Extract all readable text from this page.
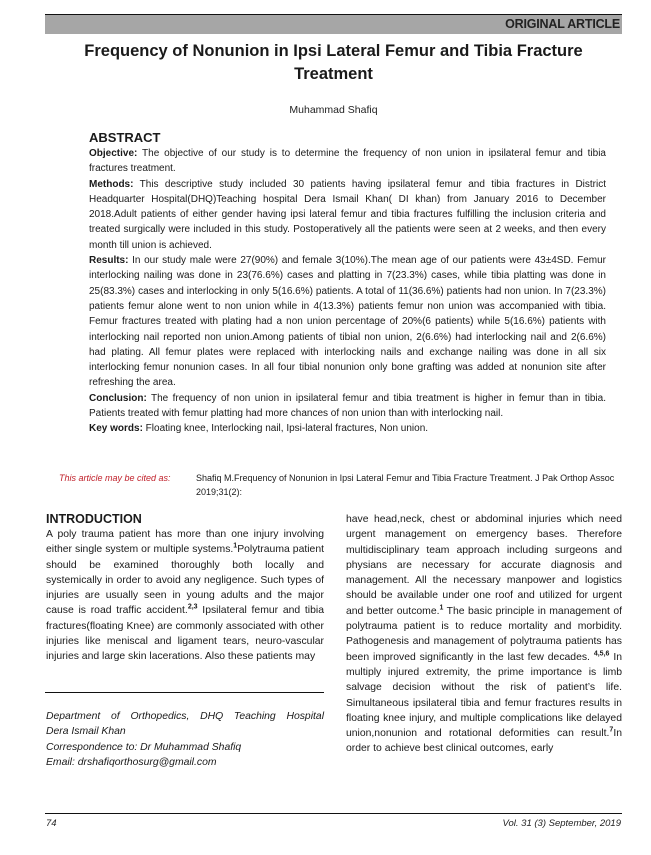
ORIGINAL ARTICLE
Frequency of Nonunion in Ipsi Lateral Femur and Tibia Fracture Treatment
Muhammad Shafiq
ABSTRACT

Objective: The objective of our study is to determine the frequency of non union in ipsilateral femur and tibia fractures treatment.

Methods: This descriptive study included 30 patients having ipsilateral femur and tibia fractures in District Headquarter Hospital(DHQ)Teaching hospital Dera Ismail Khan( DI khan) from January 2016 to December 2018.Adult patients of either gender having ipsi lateral femur and tibia fractures fulfilling the inclusion criteria and treated surgically were included in this study. Postoperatively all the patients were seen at 2 weeks, and then every month till union is achieved.

Results: In our study male were 27(90%) and female 3(10%).The mean age of our patients were 43±4SD. Femur interlocking nailing was done in 23(76.6%) cases and platting in 7(23.3%) cases, while tibia platting was done in 25(83.3%) cases and interlocking in only 5(16.6%) patients. A total of 11(36.6%) patients had non union. In 7(23.3%) patients femur alone went to non union while in 4(13.3%) patients femur non union was accompanied with tibia. Femur fractures treated with plating had a non union percentage of 20%(6 patients) while 5(16.6%) patients with interlocking nail reported non union.Among patients of tibial non union, 2(6.6%) had interlocking nail and 2(6.6%) had plating. All femur plates were replaced with interlocking nails and exchange nailing was done in all six interlocking femur nonunion cases. In all four tibial nonunion only bone grafting was added at nonunion site after refreshing the area.

Conclusion: The frequency of non union in ipsilateral femur and tibia treatment is higher in femur than in tibia. Patients treated with femur platting had more chances of non union than with interlocking nail.

Key words: Floating knee, Interlocking nail, Ipsi-lateral fractures, Non union.

This article may be cited as:	Shafiq M.Frequency of Nonunion in Ipsi Lateral Femur and Tibia Fracture Treatment. J Pak Orthop Assoc 2019;31(2):
INTRODUCTION

A poly trauma patient has more than one injury involving either single system or multiple systems.$^1$Polytrauma patient should be examined thoroughly both locally and systemically in order to avoid any negligence. Such types of injuries are usually seen in young adults and the major cause is road traffic accident.$^{2,3}$ Ipsilateral femur and tibia fractures(floating Knee) are commonly associated with other injuries like meniscal and ligament tears, neuro-vascular injuries and large skin lacerations. Also these patients may

Department of Orthopedics, DHQ Teaching Hospital
Dera Ismail Khan
Correspondence to: Dr Muhammad Shafiq
Email: drshafiqorthosurg@gmail.com

have head,neck, chest or abdominal injuries which need urgent management on emergency bases. Therefore multidisciplinary team approach including surgeons and physians are necessary for accurate diagnosis and management. All the necessary manpower and logistics should be available under one roof and utilized for urgent and better outcome.$^1$ The basic principle in management of polytrauma patient is to reduce mortality and morbidity. Pathogenesis and management of polytrauma patients has been improved significantly in the last few decades. $^{4,5,6}$ In multiply injured extremity, the prime importance is limb salvage decision without the risk of patient’s life. Simultaneous ipsilateral tibia and femur fractures results in floating knee injury, and multiple complications like delayed union,nonunion and rotational deformities can result.$^7$In order to achieve best clinical outcomes, early

74	Vol. 31 (3) September, 2019
